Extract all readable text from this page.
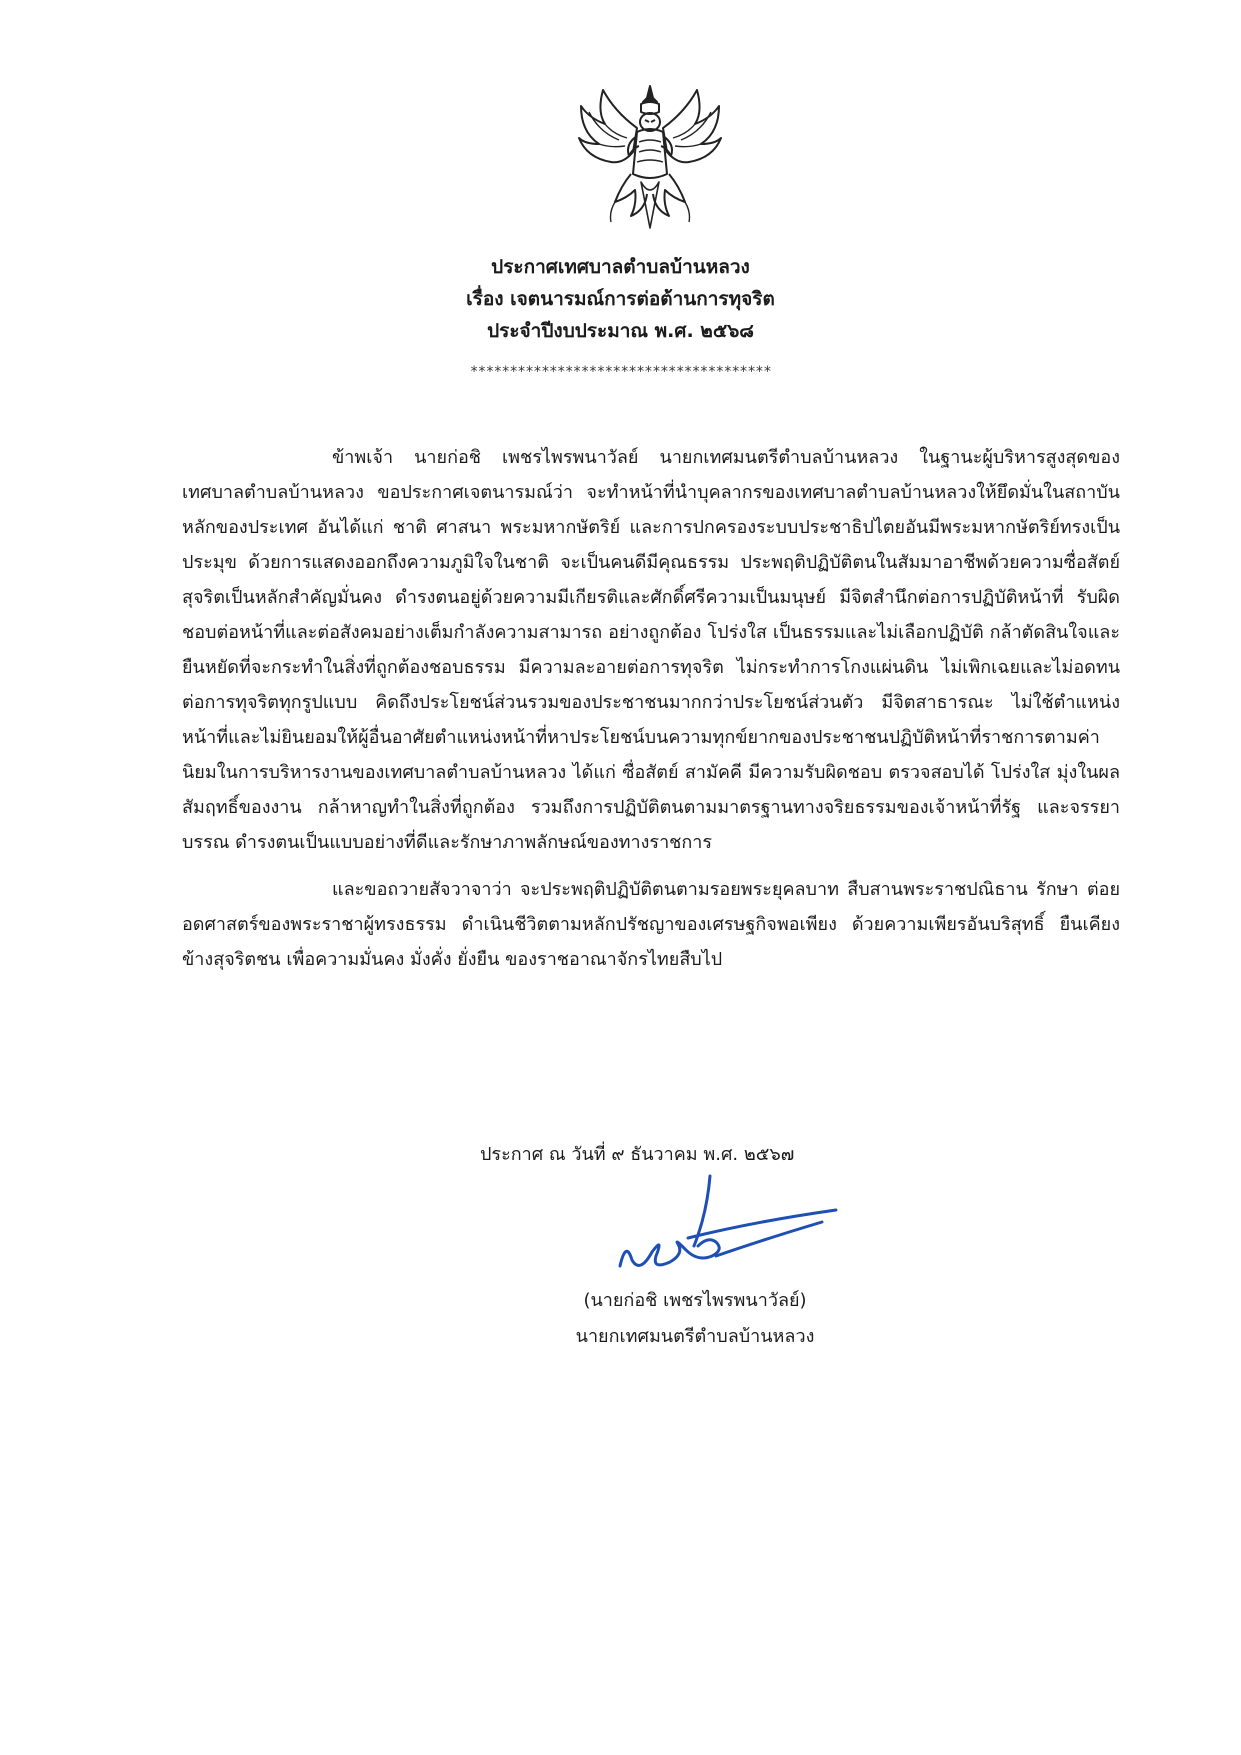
ประกาศเทศบาลตำบลบ้านหลวง
เรื่อง เจตนารมณ์การต่อต้านการทุจริต
ประจำปีงบประมาณ พ.ศ. ๒๕๖๘
**************************************

ข้าพเจ้า นายก่อชิ เพชรไพรพนาวัลย์ นายกเทศมนตรีตำบลบ้านหลวง ในฐานะผู้บริหารสูงสุดของเทศบาลตำบลบ้านหลวง ขอประกาศเจตนารมณ์ว่า จะทำหน้าที่นำบุคลากรของเทศบาลตำบลบ้านหลวงให้ยึดมั่นในสถาบันหลักของประเทศ อันได้แก่ ชาติ ศาสนา พระมหากษัตริย์ และการปกครองระบบประชาธิปไตยอันมีพระมหากษัตริย์ทรงเป็นประมุข ด้วยการแสดงออกถึงความภูมิใจในชาติ จะเป็นคนดีมีคุณธรรม ประพฤติปฏิบัติตนในสัมมาอาชีพด้วยความซื่อสัตย์สุจริตเป็นหลักสำคัญมั่นคง ดำรงตนอยู่ด้วยความมีเกียรติและศักดิ์ศรีความเป็นมนุษย์ มีจิตสำนึกต่อการปฏิบัติหน้าที่ รับผิดชอบต่อหน้าที่และต่อสังคมอย่างเต็มกำลังความสามารถ อย่างถูกต้อง โปร่งใส เป็นธรรมและไม่เลือกปฏิบัติ กล้าตัดสินใจและยืนหยัดที่จะกระทำในสิ่งที่ถูกต้องชอบธรรม มีความละอายต่อการทุจริต ไม่กระทำการโกงแผ่นดิน ไม่เพิกเฉยและไม่อดทนต่อการทุจริตทุกรูปแบบ คิดถึงประโยชน์ส่วนรวมของประชาชนมากกว่าประโยชน์ส่วนตัว มีจิตสาธารณะ ไม่ใช้ตำแหน่งหน้าที่และไม่ยินยอมให้ผู้อื่นอาศัยตำแหน่งหน้าที่หาประโยชน์บนความทุกข์ยากของประชาชนปฏิบัติหน้าที่ราชการตามค่านิยมในการบริหารงานของเทศบาลตำบลบ้านหลวง ได้แก่ ซื่อสัตย์ สามัคคี มีความรับผิดชอบ ตรวจสอบได้ โปร่งใส มุ่งในผลสัมฤทธิ์ของงาน กล้าหาญทำในสิ่งที่ถูกต้อง รวมถึงการปฏิบัติตนตามมาตรฐานทางจริยธรรมของเจ้าหน้าที่รัฐ และจรรยาบรรณ ดำรงตนเป็นแบบอย่างที่ดีและรักษาภาพลักษณ์ของทางราชการ

และขอถวายสัจวาจาว่า จะประพฤติปฏิบัติตนตามรอยพระยุคลบาท สืบสานพระราชปณิธาน รักษา ต่อยอดศาสตร์ของพระราชาผู้ทรงธรรม ดำเนินชีวิตตามหลักปรัชญาของเศรษฐกิจพอเพียง ด้วยความเพียรอันบริสุทธิ์ ยืนเคียงข้างสุจริตชน เพื่อความมั่นคง มั่งคั่ง ยั่งยืน ของราชอาณาจักรไทยสืบไป

ประกาศ ณ วันที่ ๙ ธันวาคม พ.ศ. ๒๕๖๗
(นายก่อชิ เพชรไพรพนาวัลย์)
นายกเทศมนตรีตำบลบ้านหลวง
